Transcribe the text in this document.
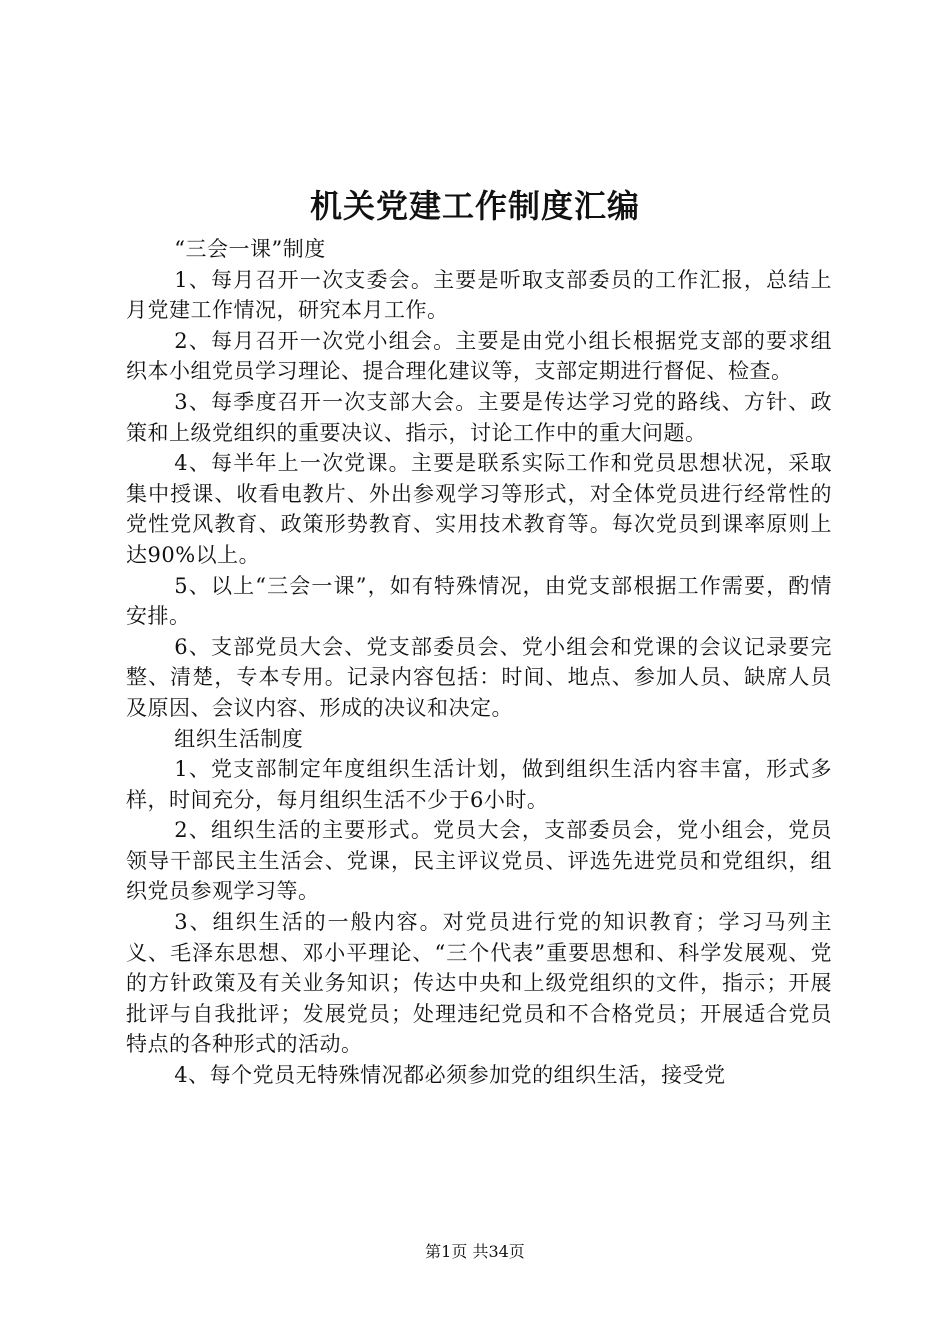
机关党建工作制度汇编

“三会一课”制度

1、每月召开一次支委会。主要是听取支部委员的工作汇报，总结上月党建工作情况，研究本月工作。

2、每月召开一次党小组会。主要是由党小组长根据党支部的要求组织本小组党员学习理论、提合理化建议等，支部定期进行督促、检查。

3、每季度召开一次支部大会。主要是传达学习党的路线、方针、政策和上级党组织的重要决议、指示，讨论工作中的重大问题。

4、每半年上一次党课。主要是联系实际工作和党员思想状况，采取集中授课、收看电教片、外出参观学习等形式，对全体党员进行经常性的党性党风教育、政策形势教育、实用技术教育等。每次党员到课率原则上达90%以上。

5、以上“三会一课”，如有特殊情况，由党支部根据工作需要，酌情安排。

6、支部党员大会、党支部委员会、党小组会和党课的会议记录要完整、清楚，专本专用。记录内容包括：时间、地点、参加人员、缺席人员及原因、会议内容、形成的决议和决定。

组织生活制度

1、党支部制定年度组织生活计划，做到组织生活内容丰富，形式多样，时间充分，每月组织生活不少于6小时。

2、组织生活的主要形式。党员大会，支部委员会，党小组会，党员领导干部民主生活会、党课，民主评议党员、评选先进党员和党组织，组织党员参观学习等。

3、组织生活的一般内容。对党员进行党的知识教育；学习马列主义、毛泽东思想、邓小平理论、“三个代表”重要思想和、科学发展观、党的方针政策及有关业务知识；传达中央和上级党组织的文件，指示；开展批评与自我批评；发展党员；处理违纪党员和不合格党员；开展适合党员特点的各种形式的活动。

4、每个党员无特殊情况都必须参加党的组织生活，接受党

第1页 共34页
